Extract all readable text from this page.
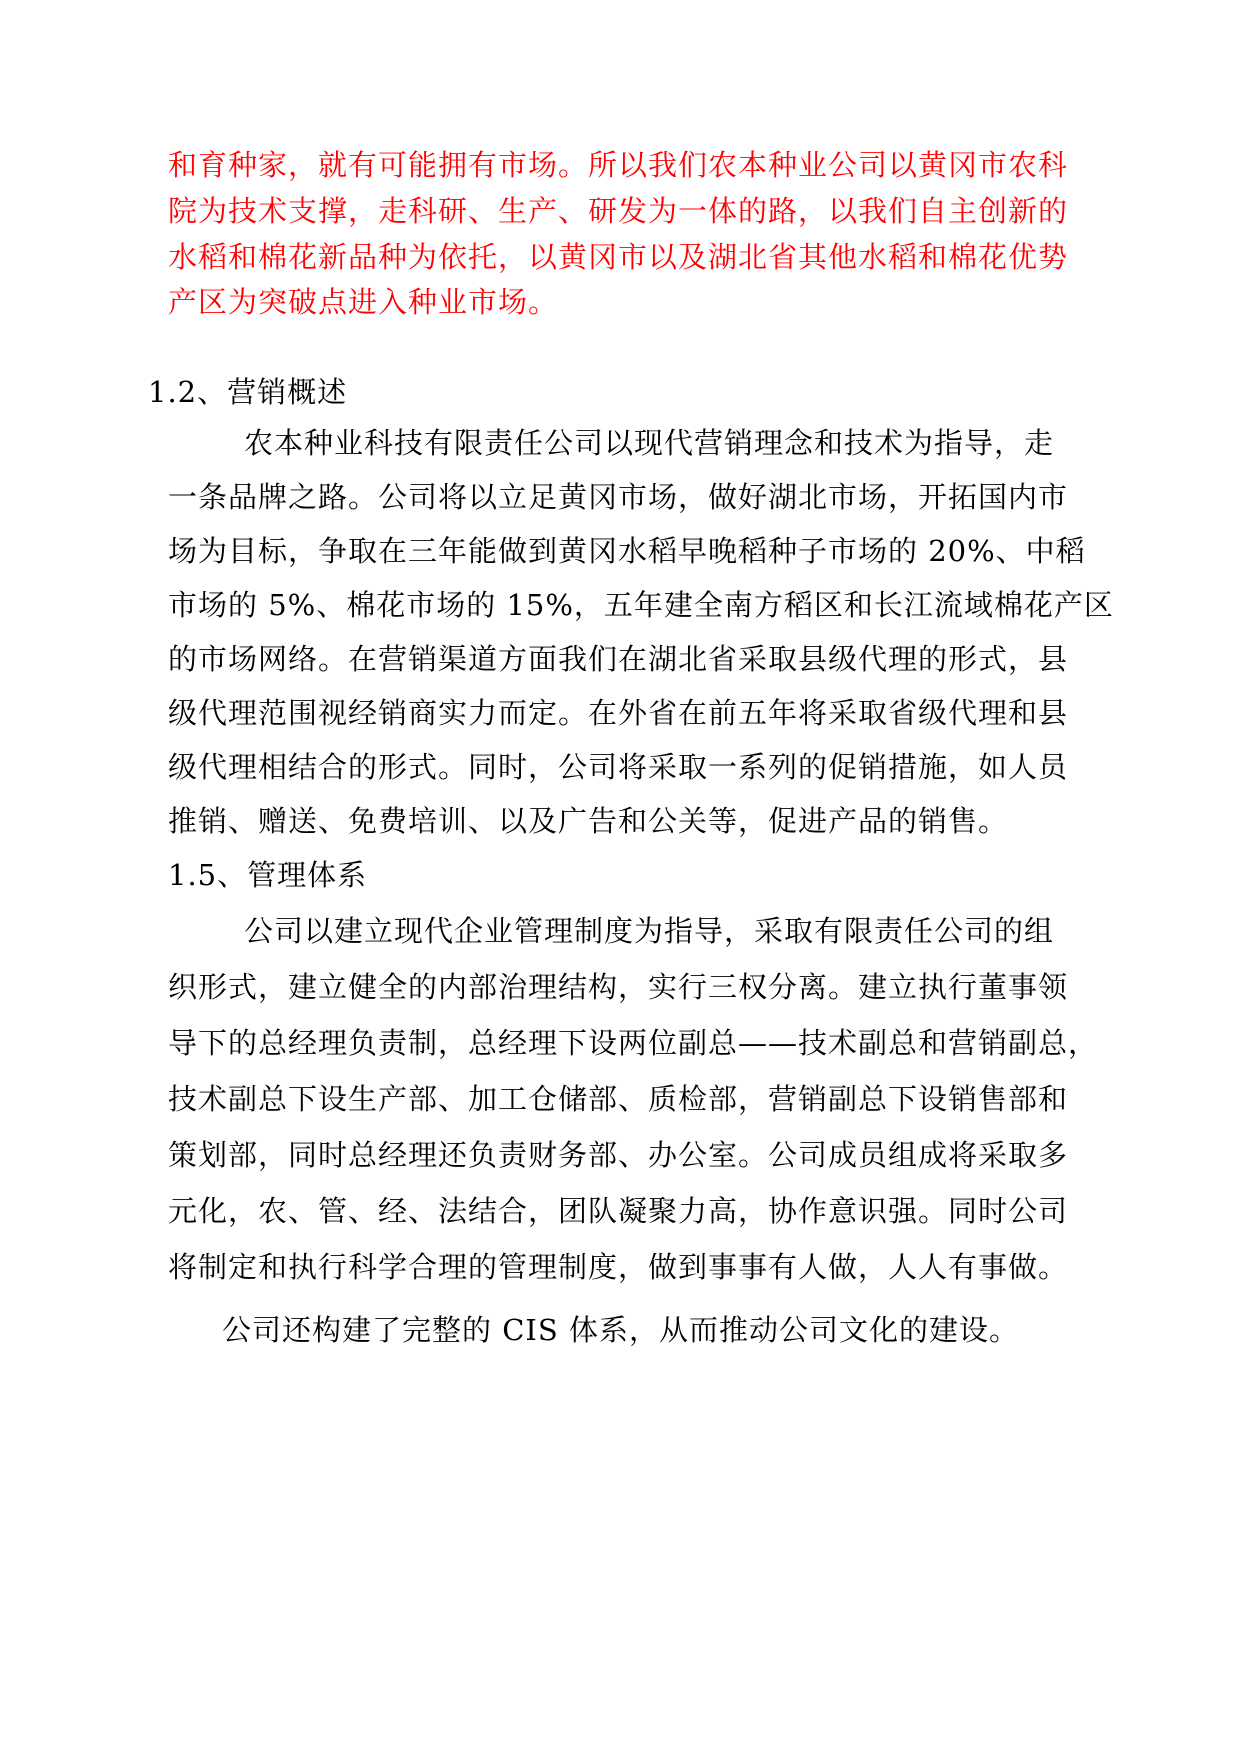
和育种家，就有可能拥有市场。所以我们农本种业公司以黄冈市农科
院为技术支撑，走科研、生产、研发为一体的路，以我们自主创新的
水稻和棉花新品种为依托，以黄冈市以及湖北省其他水稻和棉花优势
产区为突破点进入种业市场。
1.2、营销概述
农本种业科技有限责任公司以现代营销理念和技术为指导，走
一条品牌之路。公司将以立足黄冈市场，做好湖北市场，开拓国内市
场为目标，争取在三年能做到黄冈水稻早晚稻种子市场的 20%、中稻
市场的 5%、棉花市场的 15%，五年建全南方稻区和长江流域棉花产区
的市场网络。在营销渠道方面我们在湖北省采取县级代理的形式，县
级代理范围视经销商实力而定。在外省在前五年将采取省级代理和县
级代理相结合的形式。同时，公司将采取一系列的促销措施，如人员
推销、赠送、免费培训、以及广告和公关等，促进产品的销售。
1.5、管理体系
公司以建立现代企业管理制度为指导，采取有限责任公司的组
织形式，建立健全的内部治理结构，实行三权分离。建立执行董事领
导下的总经理负责制，总经理下设两位副总——技术副总和营销副总，
技术副总下设生产部、加工仓储部、质检部，营销副总下设销售部和
策划部，同时总经理还负责财务部、办公室。公司成员组成将采取多
元化，农、管、经、法结合，团队凝聚力高，协作意识强。同时公司
将制定和执行科学合理的管理制度，做到事事有人做，人人有事做。
公司还构建了完整的 CIS 体系，从而推动公司文化的建设。
